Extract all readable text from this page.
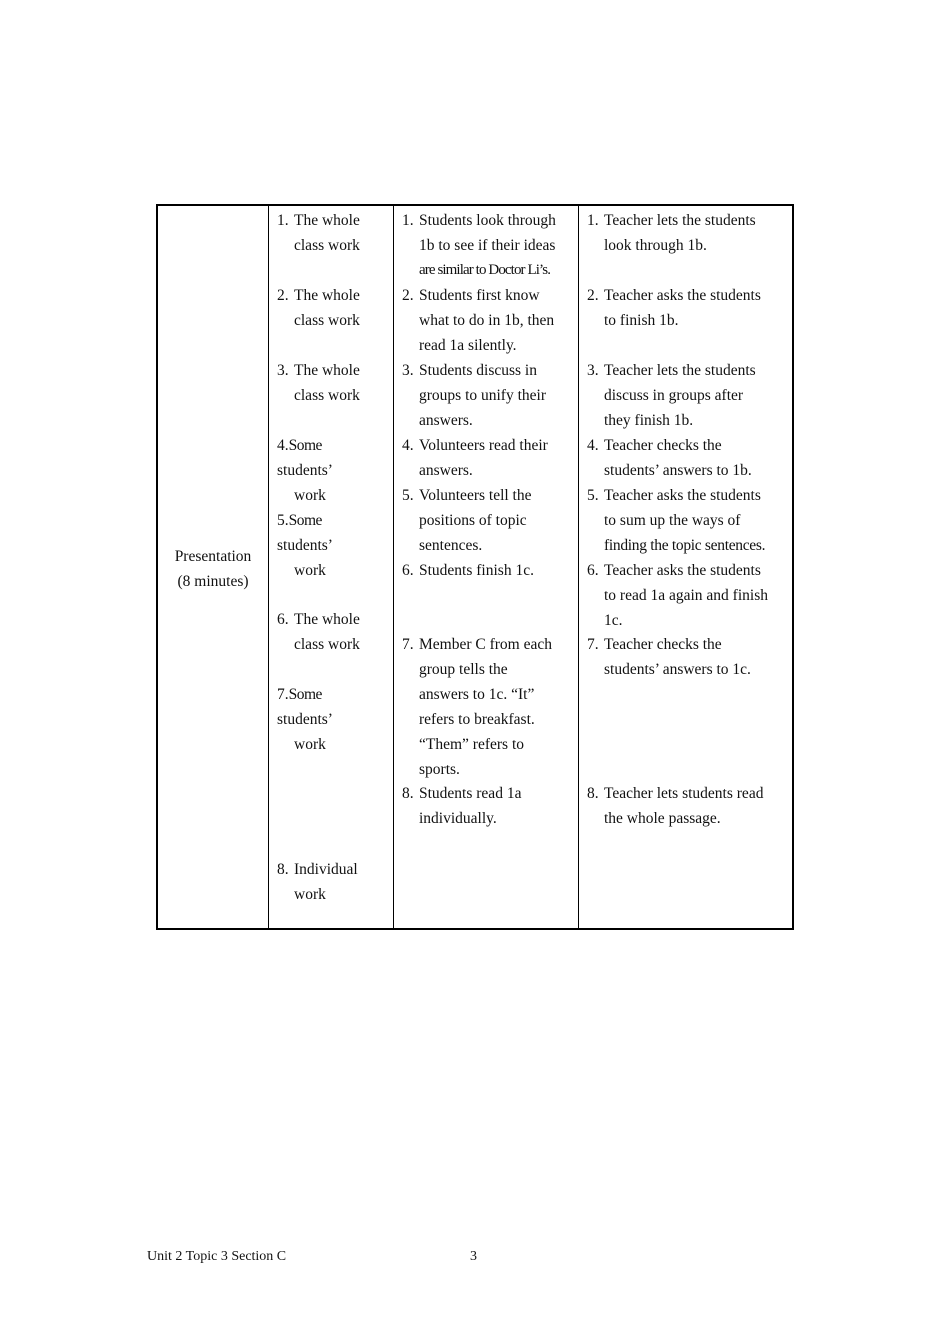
Presentation
(8 minutes)
1. The whole
class work
2. The whole
class work
3. The whole
class work
4.Some
students’
work
5.Some
students’
work
6. The whole
class work
7.Some
students’
work
8. Individual
work
1. Students look through
1b to see if their ideas
are similar to Doctor Li’s.
2. Students first know
what to do in 1b, then
read 1a silently.
3. Students discuss in
groups to unify their
answers.
4. Volunteers read their
answers.
5. Volunteers tell the
positions of topic
sentences.
6. Students finish 1c.
7. Member C from each
group tells the
answers to 1c. “It”
refers to breakfast.
“Them” refers to
sports.
8. Students read 1a
individually.
1. Teacher lets the students
look through 1b.
2. Teacher asks the students
to finish 1b.
3. Teacher lets the students
discuss in groups after
they finish 1b.
4. Teacher checks the
students’ answers to 1b.
5. Teacher asks the students
to sum up the ways of
finding the topic sentences.
6. Teacher asks the students
to read 1a again and finish
1c.
7. Teacher checks the
students’ answers to 1c.
8. Teacher lets students read
the whole passage.
Unit 2 Topic 3 Section C	3
